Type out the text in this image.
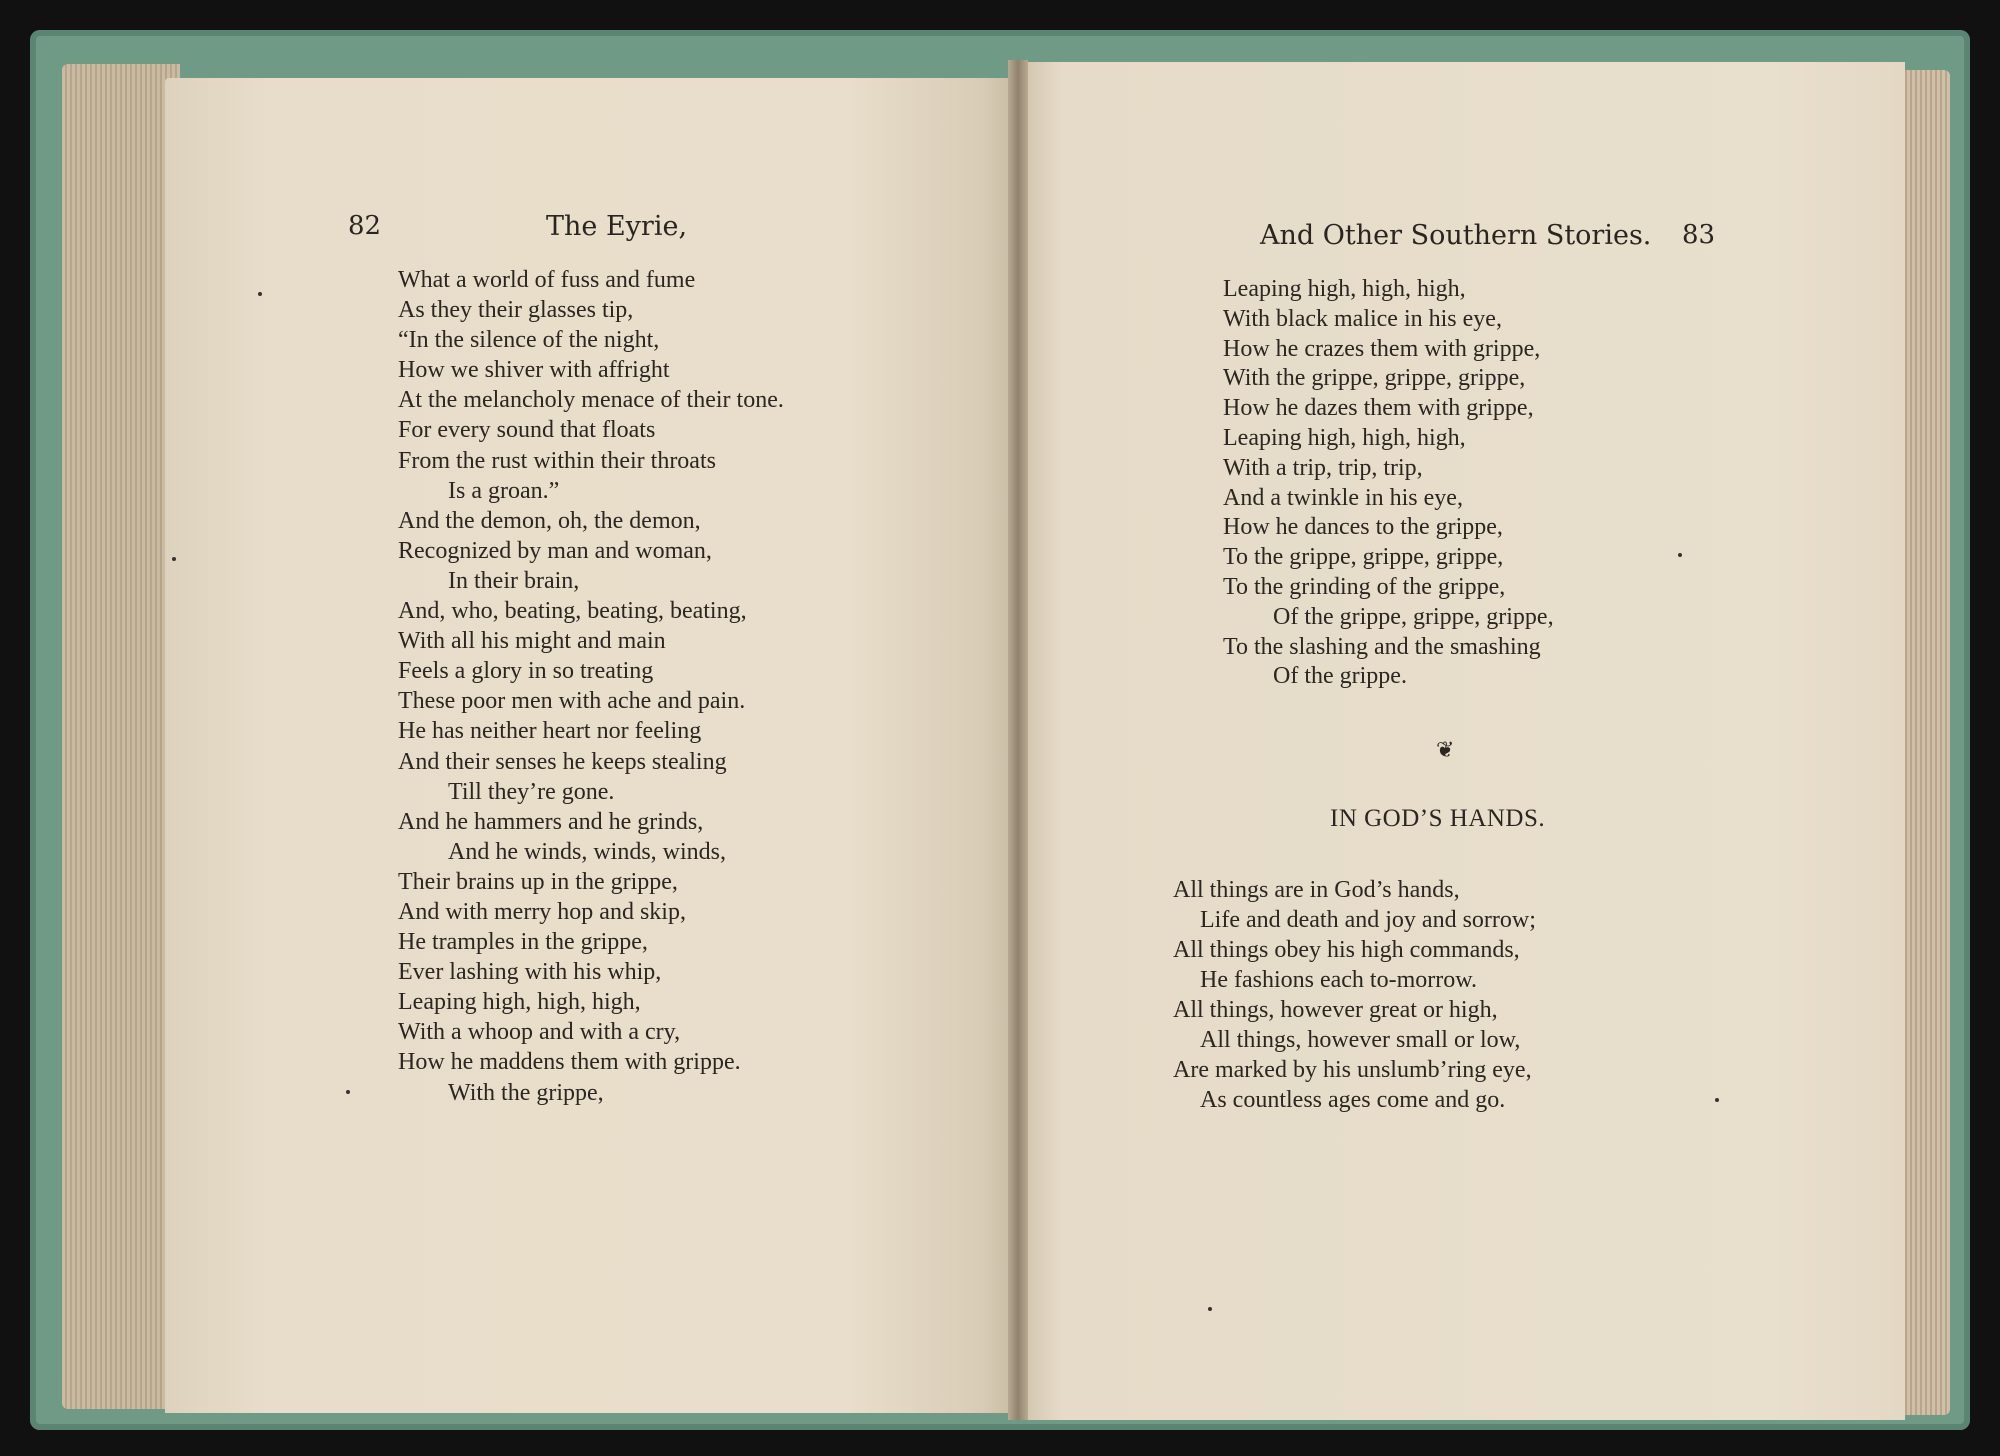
82	The Eyrie,
What a world of fuss and fume
As they their glasses tip,
“In the silence of the night,
How we shiver with affright
At the melancholy menace of their tone.
For every sound that floats
From the rust within their throats
Is a groan.”
And the demon, oh, the demon,
Recognized by man and woman,
In their brain,
And, who, beating, beating, beating,
With all his might and main
Feels a glory in so treating
These poor men with ache and pain.
He has neither heart nor feeling
And their senses he keeps stealing
Till they’re gone.
And he hammers and he grinds,
And he winds, winds, winds,
Their brains up in the grippe,
And with merry hop and skip,
He tramples in the grippe,
Ever lashing with his whip,
Leaping high, high, high,
With a whoop and with a cry,
How he maddens them with grippe.
With the grippe,
And Other Southern Stories. 83
Leaping high, high, high,
With black malice in his eye,
How he crazes them with grippe,
With the grippe, grippe, grippe,
How he dazes them with grippe,
Leaping high, high, high,
With a trip, trip, trip,
And a twinkle in his eye,
How he dances to the grippe,
To the grippe, grippe, grippe,
To the grinding of the grippe,
Of the grippe, grippe, grippe,
To the slashing and the smashing
Of the grippe.
❦
IN GOD’S HANDS.
All things are in God’s hands,
Life and death and joy and sorrow;
All things obey his high commands,
He fashions each to-morrow.
All things, however great or high,
All things, however small or low,
Are marked by his unslumb’ring eye,
As countless ages come and go.
